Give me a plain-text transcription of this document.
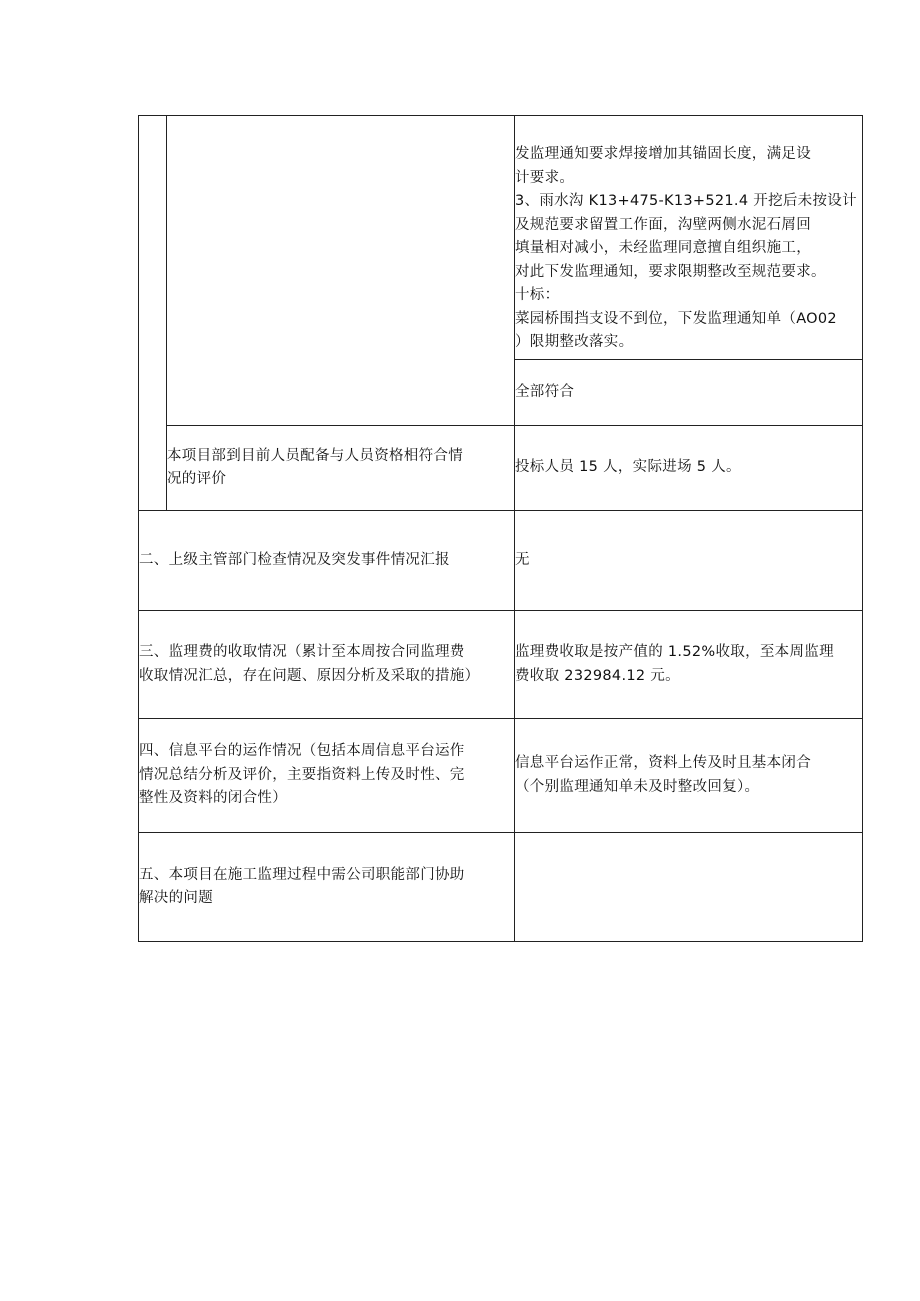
发监理通知要求焊接增加其锚固长度，满足设
计要求。
3、雨水沟 K13+475-K13+521.4 开挖后未按设计
及规范要求留置工作面，沟壁两侧水泥石屑回
填量相对减小，未经监理同意擅自组织施工，
对此下发监理通知，要求限期整改至规范要求。
十标：
菜园桥围挡支设不到位，下发监理通知单（AO02
）限期整改落实。
全部符合
本项目部到目前人员配备与人员资格相符合情
况的评价
投标人员 15 人，实际进场 5 人。
二、上级主管部门检查情况及突发事件情况汇报	无
三、监理费的收取情况（累计至本周按合同监理费
收取情况汇总，存在问题、原因分析及采取的措施）
监理费收取是按产值的 1.52%收取，至本周监理
费收取 232984.12 元。
四、信息平台的运作情况（包括本周信息平台运作
情况总结分析及评价，主要指资料上传及时性、完
整性及资料的闭合性）
信息平台运作正常，资料上传及时且基本闭合
（个别监理通知单未及时整改回复）。
五、本项目在施工监理过程中需公司职能部门协助
解决的问题
